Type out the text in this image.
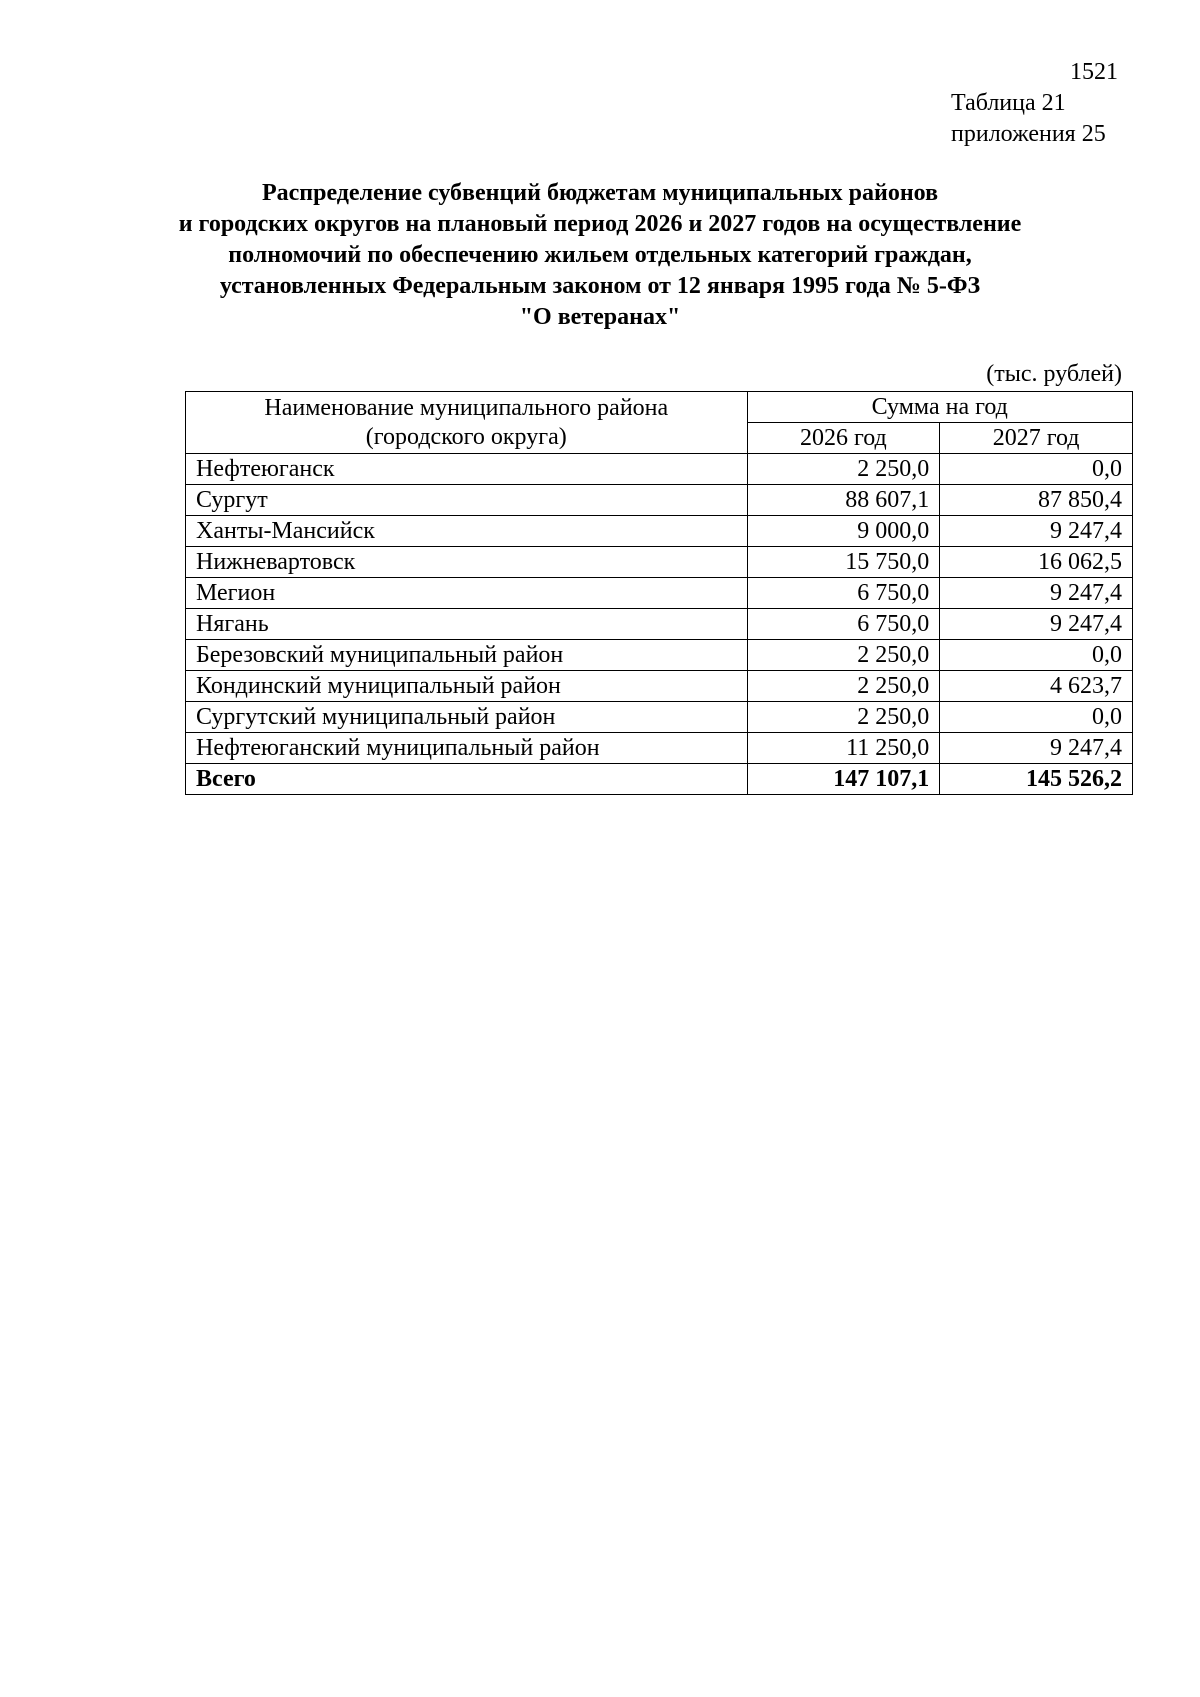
1521
Таблица 21
приложения 25
Распределение субвенций бюджетам муниципальных районов
и городских округов на плановый период 2026 и 2027 годов на осуществление
полномочий по обеспечению жильем отдельных категорий граждан,
установленных Федеральным законом от 12 января 1995 года № 5-ФЗ
"О ветеранах"
(тыс. рублей)
Наименование муниципального района
(городского округа)	Сумма на год	
	2026 год	2027 год
Нефтеюганск	2 250,0	0,0
Сургут	88 607,1	87 850,4
Ханты-Мансийск	9 000,0	9 247,4
Нижневартовск	15 750,0	16 062,5
Мегион	6 750,0	9 247,4
Нягань	6 750,0	9 247,4
Березовский муниципальный район	2 250,0	0,0
Кондинский муниципальный район	2 250,0	4 623,7
Сургутский муниципальный район	2 250,0	0,0
Нефтеюганский муниципальный район	11 250,0	9 247,4
Всего	147 107,1	145 526,2
